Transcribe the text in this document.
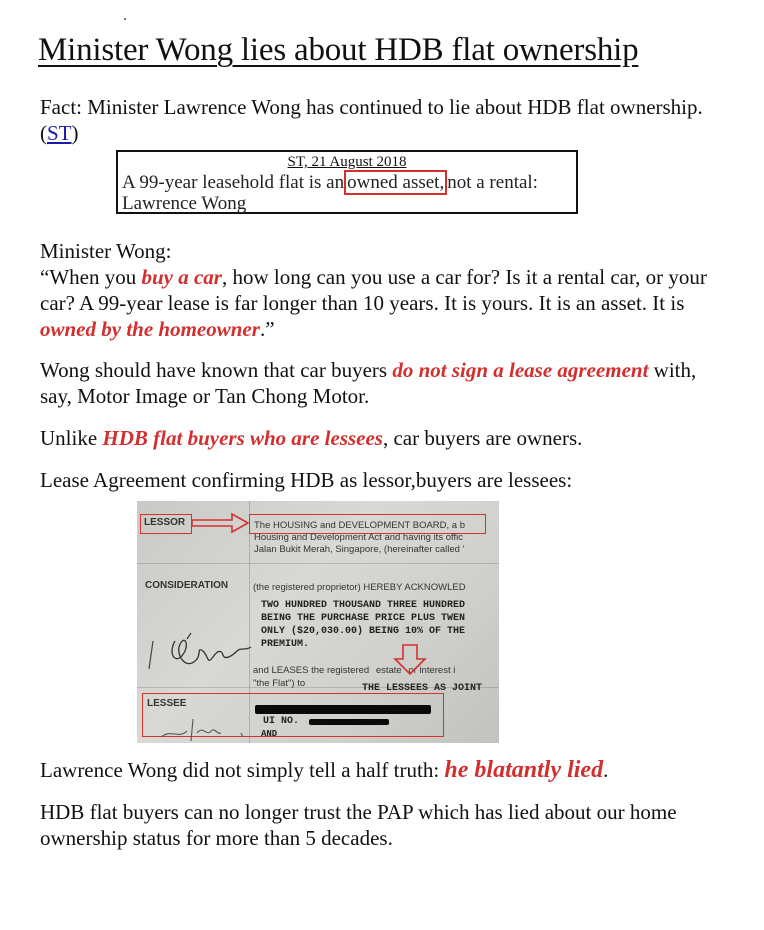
Minister Wong lies about HDB flat ownership
Fact: Minister Lawrence Wong has continued to lie about HDB flat ownership. (ST)
ST, 21 August 2018
A 99-year leasehold flat is an owned asset, not a rental:
Lawrence Wong
Minister Wong:
“When you buy a car, how long can you use a car for? Is it a rental car, or your car? A 99-year lease is far longer than 10 years. It is yours. It is an asset. It is owned by the homeowner.”
Wong should have known that car buyers do not sign a lease agreement with, say, Motor Image or Tan Chong Motor.
Unlike HDB flat buyers who are lessees, car buyers are owners.
Lease Agreement confirming HDB as lessor,buyers are lessees:
LESSOR	The HOUSING and DEVELOPMENT BOARD, a b
Housing and Development Act and having its offic
Jalan Bukit Merah, Singapore, (hereinafter called '
CONSIDERATION	(the registered proprietor) HEREBY ACKNOWLED
TWO HUNDRED THOUSAND THREE HUNDRED
BEING THE PURCHASE PRICE PLUS TWEN
ONLY ($20,030.00) BEING 10% OF THE
PREMIUM.
and LEASES the registered estate or interest i
"the Flat") to	THE LESSEES AS JOINT
LESSEE
UI NO.
AND
Lawrence Wong did not simply tell a half truth: he blatantly lied.
HDB flat buyers can no longer trust the PAP which has lied about our home ownership status for more than 5 decades.
